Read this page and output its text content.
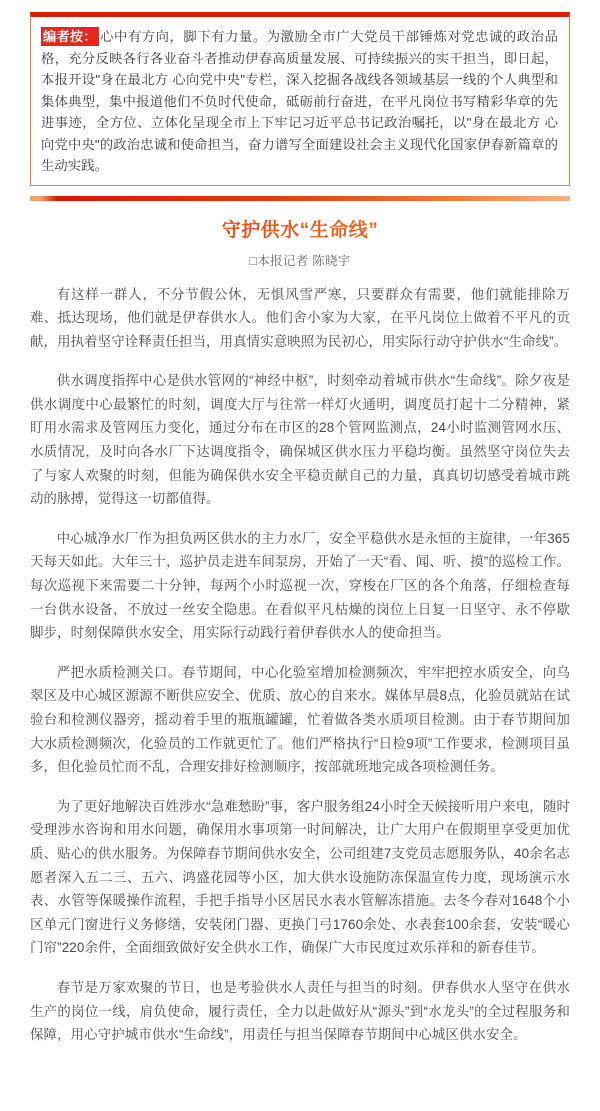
编者按： 心中有方向，脚下有力量。为激励全市广大党员干部锤炼对党忠诚的政治品格，充分反映各行各业奋斗者推动伊春高质量发展、可持续振兴的实干担当，即日起，本报开设"身在最北方 心向党中央"专栏，深入挖掘各战线各领域基层一线的个人典型和集体典型，集中报道他们不负时代使命，砥砺前行奋进，在平凡岗位书写精彩华章的先进事迹，全方位、立体化呈现全市上下牢记习近平总书记政治嘱托，以"身在最北方 心向党中央"的政治忠诚和使命担当，奋力谱写全面建设社会主义现代化国家伊春新篇章的生动实践。

守护供水“生命线”
□本报记者 陈晓宇

有这样一群人，不分节假公休，无惧风雪严寒，只要群众有需要，他们就能排除万难、抵达现场，他们就是伊春供水人。他们舍小家为大家，在平凡岗位上做着不平凡的贡献，用执着坚守诠释责任担当，用真情实意映照为民初心，用实际行动守护供水“生命线”。

供水调度指挥中心是供水管网的“神经中枢”，时刻牵动着城市供水“生命线”。除夕夜是供水调度中心最繁忙的时刻，调度大厅与往常一样灯火通明，调度员打起十二分精神，紧盯用水需求及管网压力变化，通过分布在市区的28个管网监测点，24小时监测管网水压、水质情况，及时向各水厂下达调度指令，确保城区供水压力平稳均衡。虽然坚守岗位失去了与家人欢聚的时刻，但能为确保供水安全平稳贡献自己的力量，真真切切感受着城市跳动的脉搏，觉得这一切都值得。

中心城净水厂作为担负两区供水的主力水厂，安全平稳供水是永恒的主旋律，一年365天每天如此。大年三十，巡护员走进车间泵房，开始了一天“看、闻、听、摸”的巡检工作。每次巡视下来需要二十分钟，每两个小时巡视一次，穿梭在厂区的各个角落，仔细检查每一台供水设备，不放过一丝安全隐患。在看似平凡枯燥的岗位上日复一日坚守、永不停歇脚步，时刻保障供水安全，用实际行动践行着伊春供水人的使命担当。

严把水质检测关口。春节期间，中心化验室增加检测频次，牢牢把控水质安全，向乌翠区及中心城区源源不断供应安全、优质、放心的自来水。媒体早晨8点，化验员就站在试验台和检测仪器旁，摇动着手里的瓶瓶罐罐，忙着做各类水质项目检测。由于春节期间加大水质检测频次，化验员的工作就更忙了。他们严格执行“日检9项”工作要求，检测项目虽多，但化验员忙而不乱，合理安排好检测顺序，按部就班地完成各项检测任务。

为了更好地解决百姓涉水“急难愁盼”事，客户服务组24小时全天候接听用户来电，随时受理涉水咨询和用水问题，确保用水事项第一时间解决，让广大用户在假期里享受更加优质、贴心的供水服务。为保障春节期间供水安全，公司组建7支党员志愿服务队，40余名志愿者深入五二三、五六、鸿盛花园等小区，加大供水设施防冻保温宣传力度，现场演示水表、水管等保暖操作流程，手把手指导小区居民水表水管解冻措施。去冬今春对1648个小区单元门窗进行义务修缮，安装闭门器、更换门弓1760余处、水表套100余套，安装“暖心门帘”220余件，全面细致做好安全供水工作，确保广大市民度过欢乐祥和的新春佳节。

春节是万家欢聚的节日，也是考验供水人责任与担当的时刻。伊春供水人坚守在供水生产的岗位一线，肩负使命，履行责任，全力以赴做好从“源头”到“水龙头”的全过程服务和保障，用心守护城市供水“生命线”，用责任与担当保障春节期间中心城区供水安全。
